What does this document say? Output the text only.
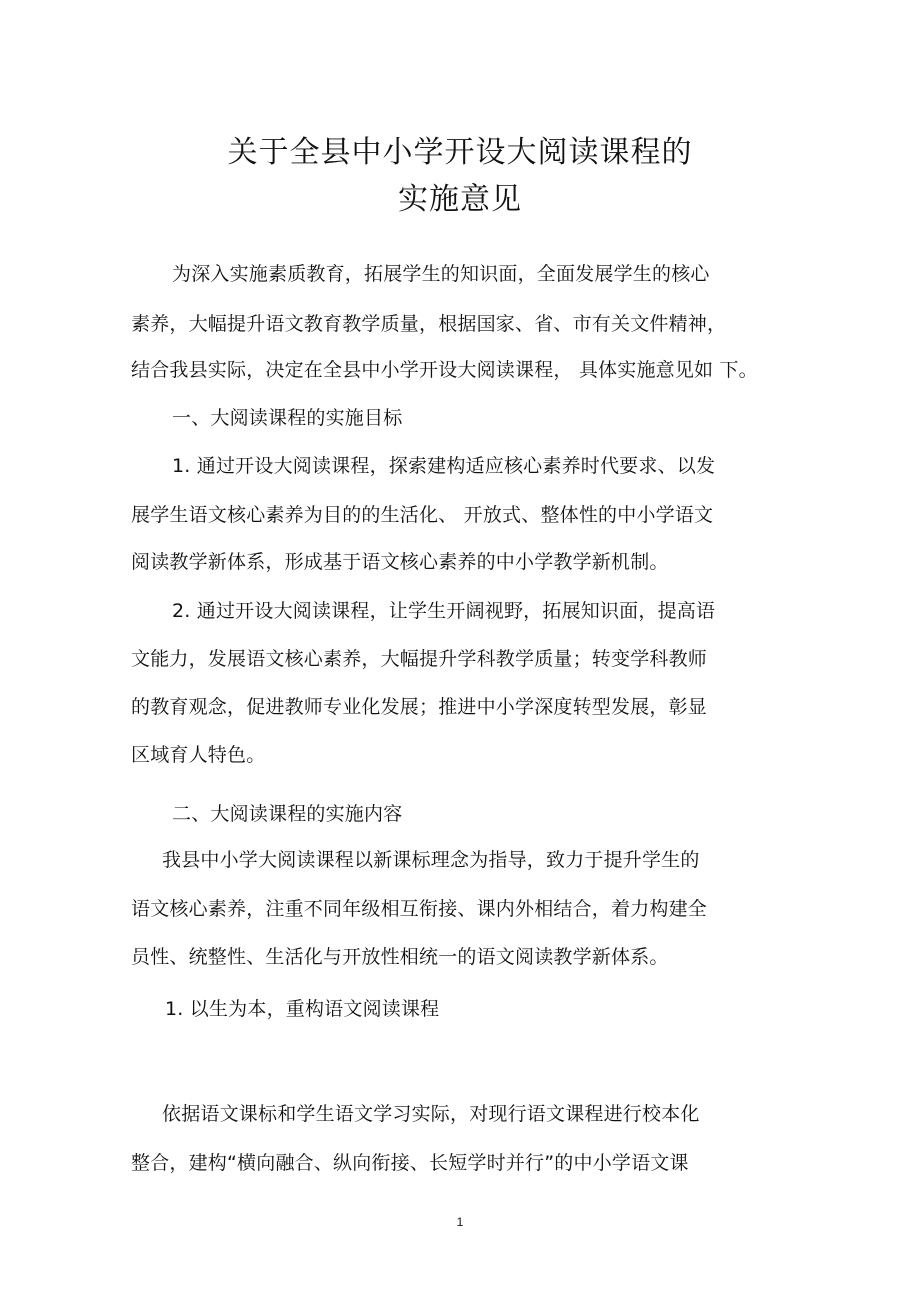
关于全县中小学开设大阅读课程的
实施意见
为深入实施素质教育，拓展学生的知识面，全面发展学生的核心
素养，大幅提升语文教育教学质量，根据国家、省、市有关文件精神，
结合我县实际，决定在全县中小学开设大阅读课程， 具体实施意见如 下。
一、大阅读课程的实施目标
1. 通过开设大阅读课程，探索建构适应核心素养时代要求、以发
展学生语文核心素养为目的的生活化、 开放式、整体性的中小学语文
阅读教学新体系，形成基于语文核心素养的中小学教学新机制。
2. 通过开设大阅读课程，让学生开阔视野，拓展知识面，提高语
文能力，发展语文核心素养，大幅提升学科教学质量；转变学科教师
的教育观念，促进教师专业化发展；推进中小学深度转型发展，彰显
区域育人特色。
二、大阅读课程的实施内容
我县中小学大阅读课程以新课标理念为指导，致力于提升学生的
语文核心素养，注重不同年级相互衔接、课内外相结合，着力构建全
员性、统整性、生活化与开放性相统一的语文阅读教学新体系。
1. 以生为本，重构语文阅读课程
依据语文课标和学生语文学习实际，对现行语文课程进行校本化
整合，建构“横向融合、纵向衔接、长短学时并行”的中小学语文课
1
